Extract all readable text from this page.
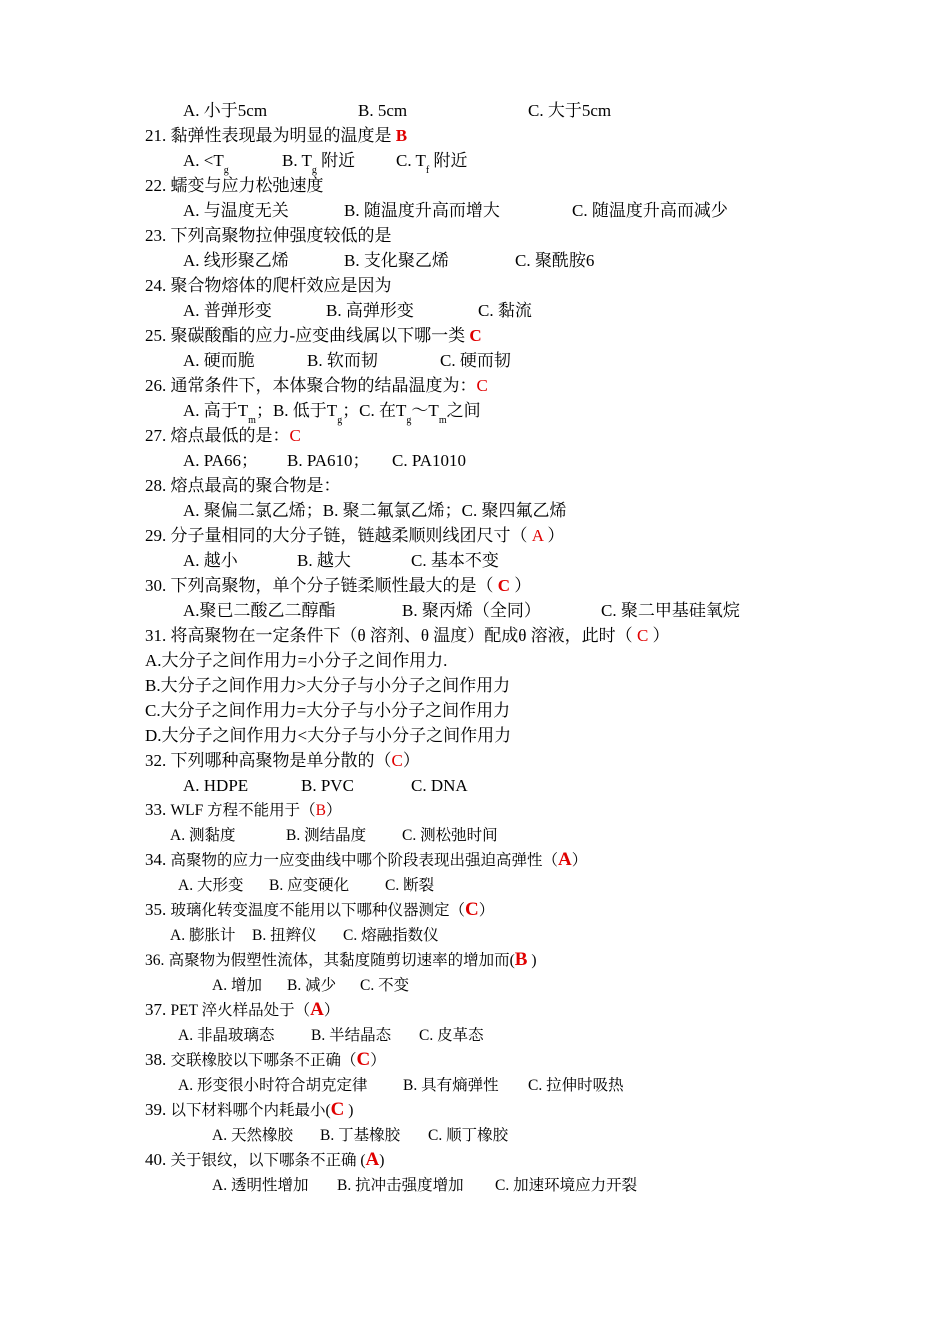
A. 小于5cm	B. 5cm	C. 大于5cm
21. 黏弹性表现最为明显的温度是 B
A. $<T_g$
B. $T_g$ 附近 C. $T_f$ 附近
22. 蠕变与应力松弛速度
A. 与温度无关	B. 随温度升高而增大	C. 随温度升高而减少
23. 下列高聚物拉伸强度较低的是
A. 线形聚乙烯	B. 支化聚乙烯	C. 聚酰胺6
24. 聚合物熔体的爬杆效应是因为
A. 普弹形变	B. 高弹形变	C. 黏流
25. 聚碳酸酯的应力-应变曲线属以下哪一类 C
A. 硬而脆	B. 软而韧	C. 硬而韧
26. 通常条件下，本体聚合物的结晶温度为：C
A. 高于$T_m$；B. 低于$T_g$；C. 在$T_g\sim T_m$之间
27. 熔点最低的是：C
A. PA66； B. PA610； C. PA1010
28. 熔点最高的聚合物是：
A. 聚偏二氯乙烯；B. 聚二氟氯乙烯；C. 聚四氟乙烯
29. 分子量相同的大分子链，链越柔顺则线团尺寸（ A ）
A. 越小	B. 越大	C. 基本不变
30. 下列高聚物，单个分子链柔顺性最大的是（ C ）
A.聚已二酸乙二醇酯	B. 聚丙烯（全同）	C. 聚二甲基硅氧烷
31. 将高聚物在一定条件下（θ 溶剂、θ 温度）配成θ 溶液，此时（ C ）
A.大分子之间作用力=小分子之间作用力.
B.大分子之间作用力>大分子与小分子之间作用力
C.大分子之间作用力=大分子与小分子之间作用力
D.大分子之间作用力<大分子与小分子之间作用力
32. 下列哪种高聚物是单分散的（C）
A. HDPE	B. PVC	C. DNA
33. WLF 方程不能用于（B）
A. 测黏度	B. 测结晶度 C. 测松弛时间
34. 高聚物的应力一应变曲线中哪个阶段表现出强迫高弹性（A）
A. 大形变 B. 应变硬化 C. 断裂
35. 玻璃化转变温度不能用以下哪种仪器测定（C）
A. 膨胀计 B. 扭辫仪 C. 熔融指数仪
36. 高聚物为假塑性流体，其黏度随剪切速率的增加而(B )
A. 增加 B. 减少 C. 不变
37. PET 淬火样品处于（A）
A. 非晶玻璃态 B. 半结晶态 C. 皮革态
38. 交联橡胶以下哪条不正确（C）
A. 形变很小时符合胡克定律 B. 具有熵弹性 C. 拉伸时吸热
39. 以下材料哪个内耗最小(C )
A. 天然橡胶 B. 丁基橡胶 C. 顺丁橡胶
40. 关于银纹，以下哪条不正确 (A)
A. 透明性增加 B. 抗冲击强度增加 C. 加速环境应力开裂
